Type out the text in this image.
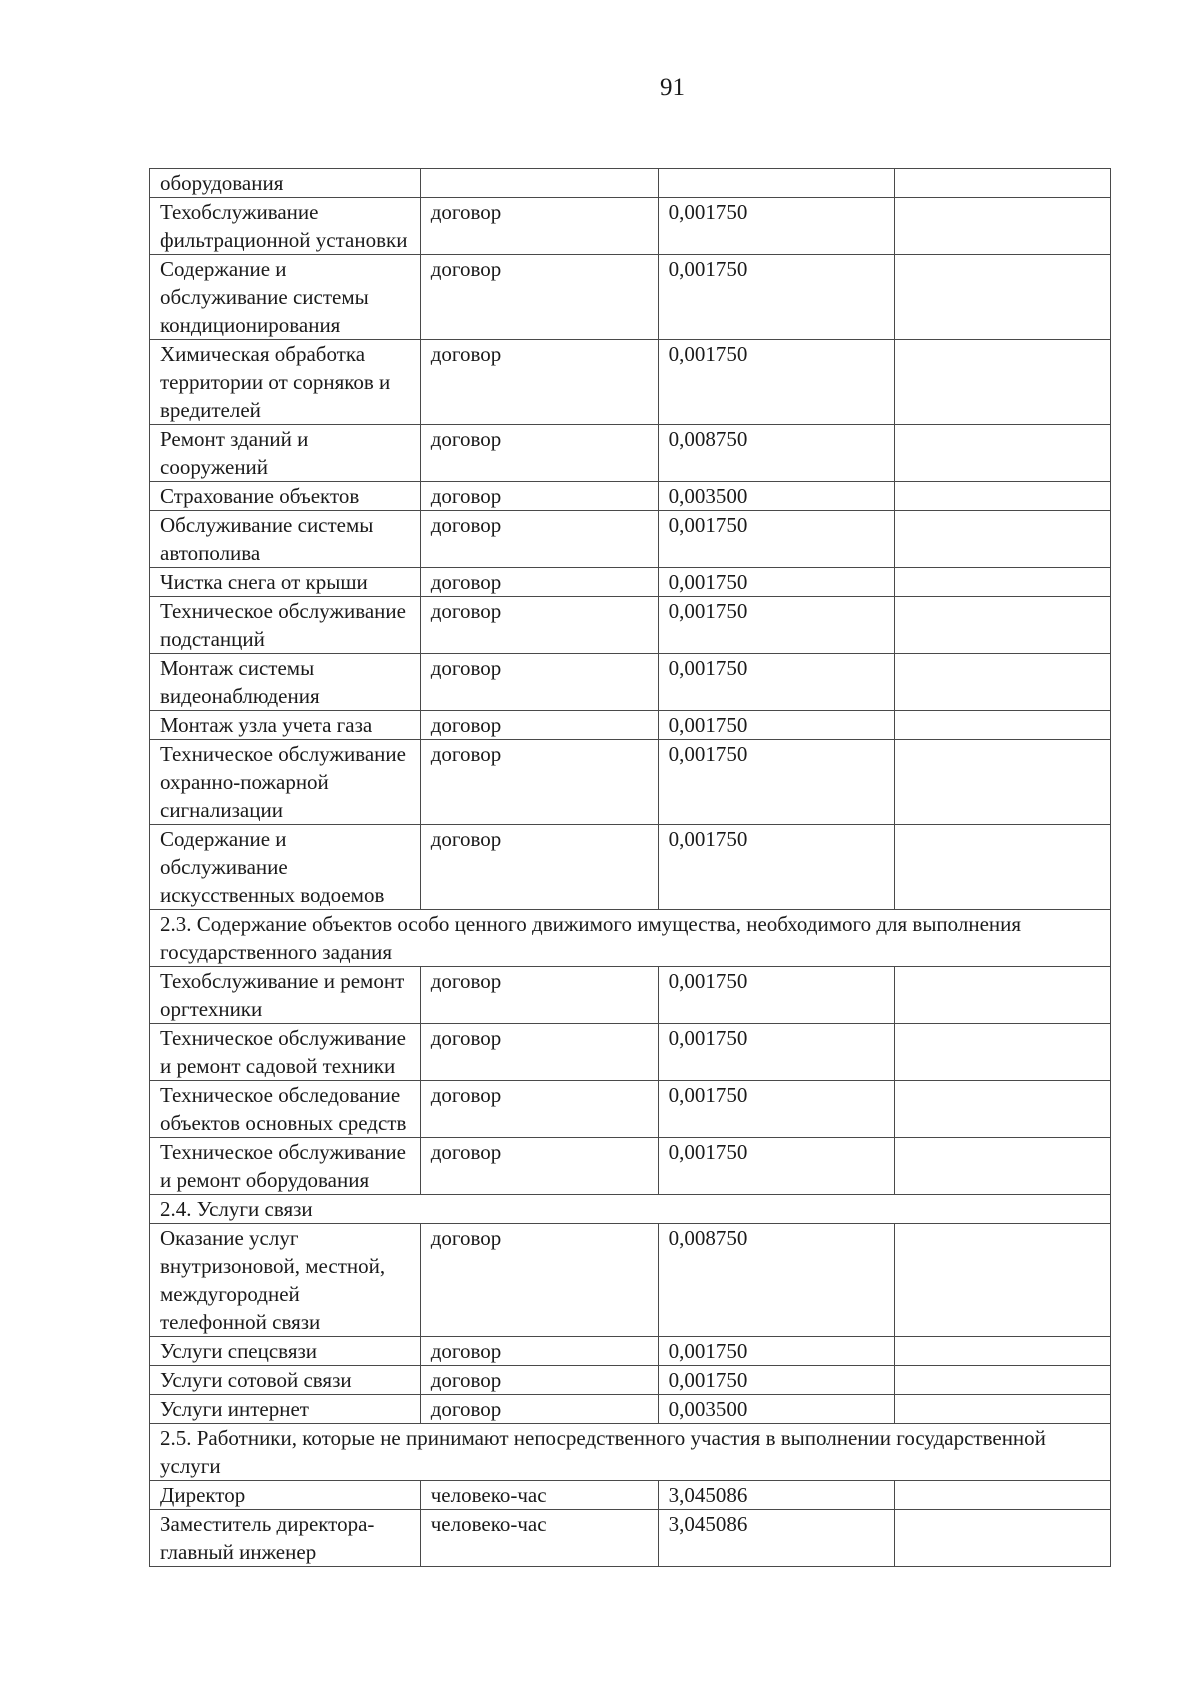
91
оборудования			
Техобслуживание фильтрационной установки	договор	0,001750	
Содержание и обслуживание системы кондиционирования	договор	0,001750	
Химическая обработка территории от сорняков и вредителей	договор	0,001750	
Ремонт зданий и сооружений	договор	0,008750	
Страхование объектов	договор	0,003500	
Обслуживание системы автополива	договор	0,001750	
Чистка снега от крыши	договор	0,001750	
Техническое обслуживание подстанций	договор	0,001750	
Монтаж системы видеонаблюдения	договор	0,001750	
Монтаж узла учета газа	договор	0,001750	
Техническое обслуживание охранно-пожарной сигнализации	договор	0,001750	
Содержание и обслуживание искусственных водоемов	договор	0,001750	
2.3. Содержание объектов особо ценного движимого имущества, необходимого для выполнения государственного задания			
Техобслуживание и ремонт оргтехники	договор	0,001750	
Техническое обслуживание и ремонт садовой техники	договор	0,001750	
Техническое обследование объектов основных средств	договор	0,001750	
Техническое обслуживание и ремонт оборудования	договор	0,001750	
2.4. Услуги связи			
Оказание услуг внутризоновой, местной, междугородней телефонной связи	договор	0,008750	
Услуги спецсвязи	договор	0,001750	
Услуги сотовой связи	договор	0,001750	
Услуги интернет	договор	0,003500	
2.5. Работники, которые не принимают непосредственного участия в выполнении государственной услуги			
Директор	человеко-час	3,045086	
Заместитель директора-главный инженер	человеко-час	3,045086	
